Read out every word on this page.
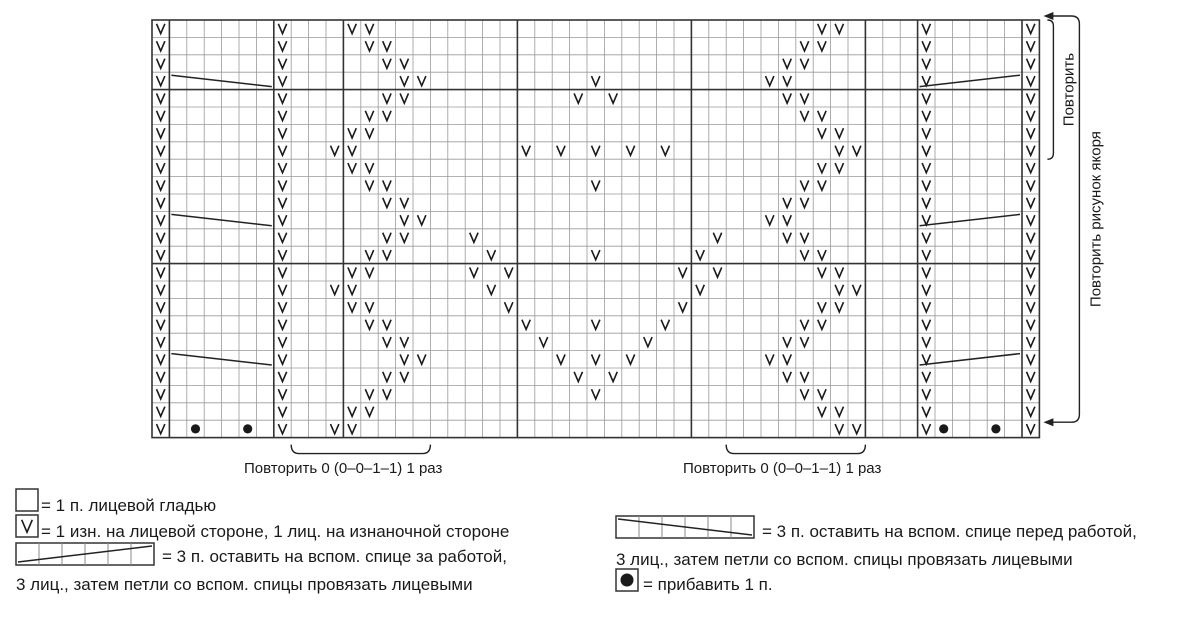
Повторить
Повторить рисунок якоря
= 1 п. лицевой гладью
= 1 изн. на лицевой стороне, 1 лиц. на изнаночной стороне
= 3 п. оставить на вспом. спице за работой,
3 лиц., затем петли со вспом. спицы провязать лицевыми
= 3 п. оставить на вспом. спице перед работой,
3 лиц., затем петли со вспом. спицы провязать лицевыми
= прибавить 1 п.
Повторить 0 (0–0–1–1) 1 раз	Повторить 0 (0–0–1–1) 1 раз
